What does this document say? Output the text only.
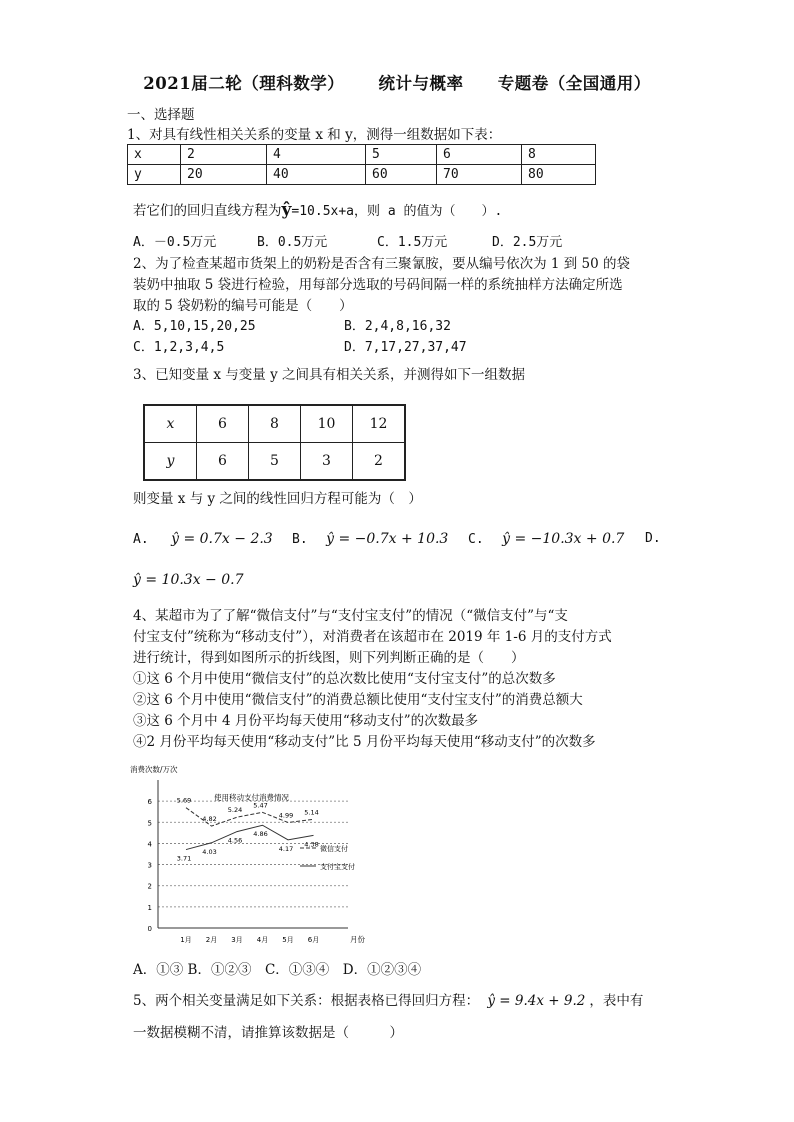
2021届二轮（理科数学） 统计与概率 专题卷（全国通用）
一、选择题
1、对具有线性相关关系的变量 x 和 y，测得一组数据如下表：
x	2	4	5	6	8
y	20	40	60	70	80
若它们的回归直线方程为ŷ=10.5x+a，则 a 的值为（　　）.
A．－0.5万元	B．0.5万元	C．1.5万元	D．2.5万元
2、为了检查某超市货架上的奶粉是否含有三聚氰胺，要从编号依次为 1 到 50 的袋
装奶中抽取 5 袋进行检验，用每部分选取的号码间隔一样的系统抽样方法确定所选
取的 5 袋奶粉的编号可能是（　　）
A．5,10,15,20,25	B．2,4,8,16,32
C．1,2,3,4,5	D．7,17,27,37,47
3、已知变量 x 与变量 y 之间具有相关关系，并测得如下一组数据
x	6	8	10	12
y	6	5	3	2
则变量 x 与 y 之间的线性回归方程可能为（　）
A. ŷ = 0.7x − 2.3 B. ŷ = −0.7x + 10.3 C. ŷ = −10.3x + 0.7 D.
ŷ = 10.3x − 0.7
4、某超市为了了解“微信支付”与“支付宝支付”的情况（“微信支付”与“支
付宝支付”统称为“移动支付”），对消费者在该超市在 2019 年 1-6 月的支付方式
进行统计，得到如图所示的折线图，则下列判断正确的是（　　）
①这 6 个月中使用“微信支付”的总次数比使用“支付宝支付”的总次数多
②这 6 个月中使用“微信支付”的消费总额比使用“支付宝支付”的消费总额大
③这 6 个月中 4 月份平均每天使用“移动支付”的次数最多
④2 月份平均每天使用“移动支付”比 5 月份平均每天使用“移动支付”的次数多
消费次数/万次
使用移动支付消费情况
月份
0
1
2
3
4
5
6
1月 2月 3月 4月 5月 6月
5.69
4.82
5.24
5.47
4.99 5.14
3.71
4.03
4.56
4.86
4.17
4.38
微信支付
支付宝支付
A．①③ B．①②③　C．①③④　D．①②③④
5、两个相关变量满足如下关系：根据表格已得回归方程： ŷ = 9.4x + 9.2 ，表中有
一数据模糊不清，请推算该数据是（　　　）
